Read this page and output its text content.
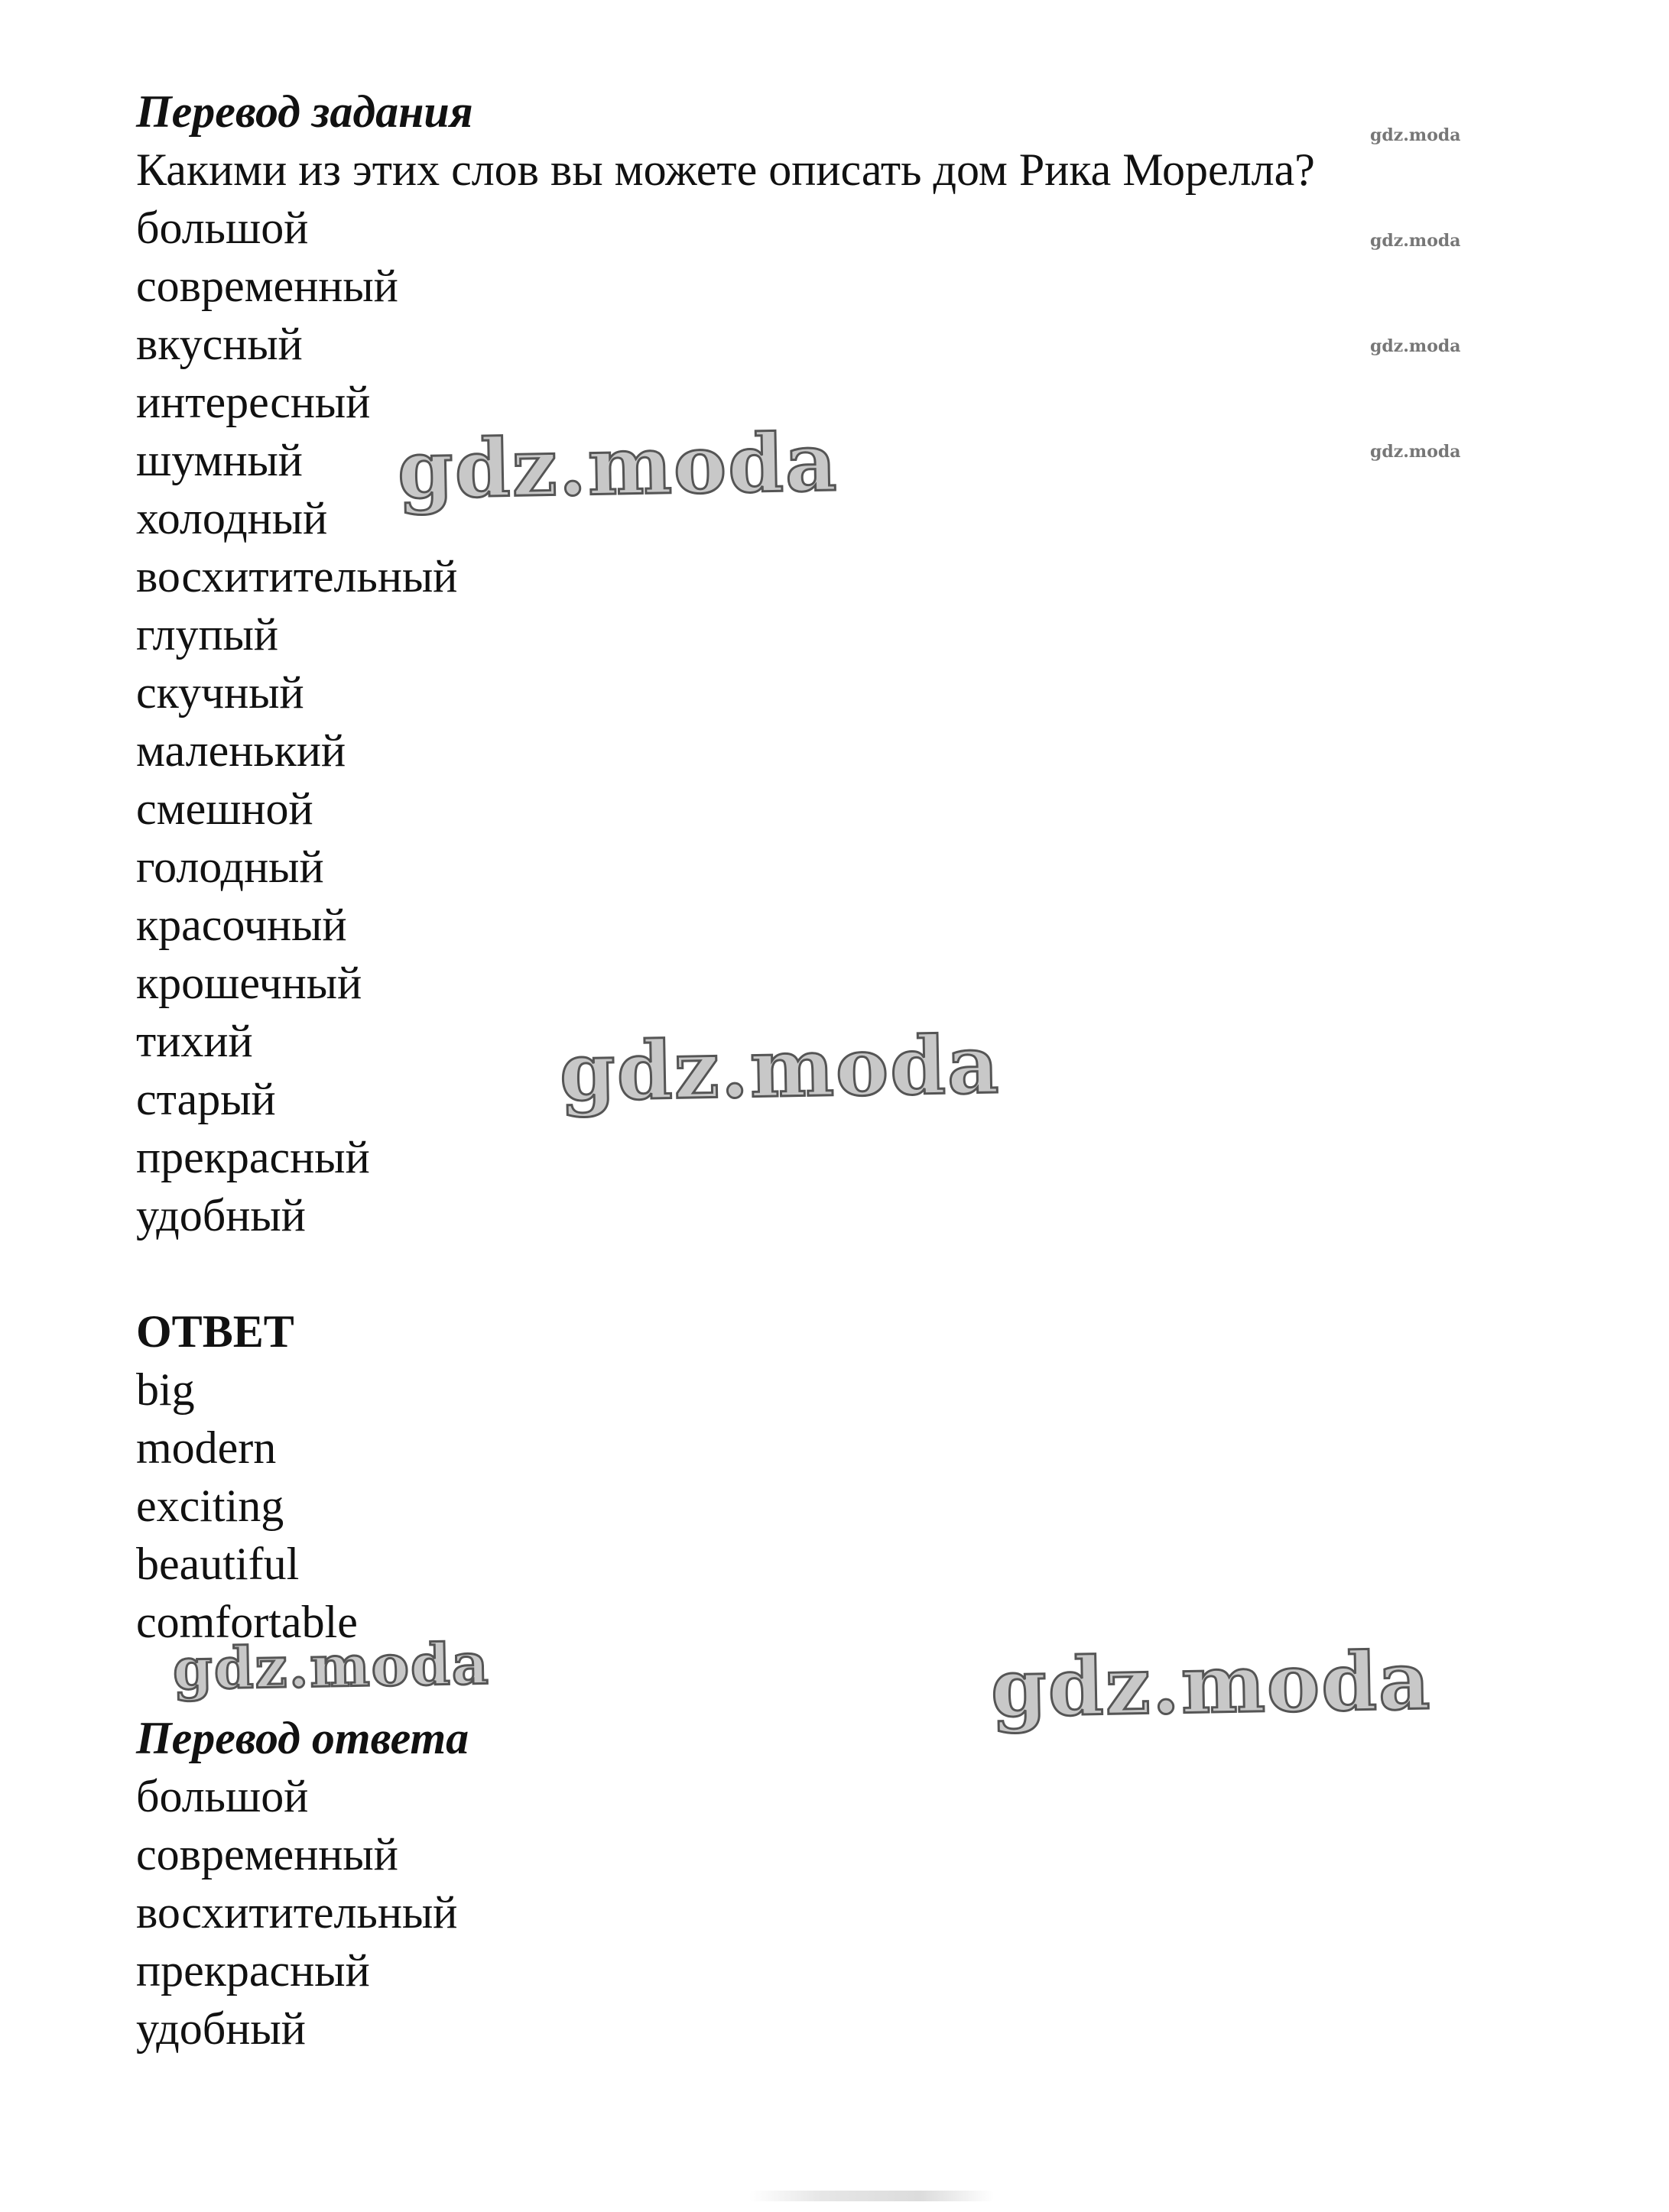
Перевод задания
Какими из этих слов вы можете описать дом Рика Морелла?
большой
современный
вкусный
интересный
шумный
холодный
восхитительный
глупый
скучный
маленький
смешной
голодный
красочный
крошечный
тихий
старый
прекрасный
удобный
ОТВЕТ
big
modern
exciting
beautiful
comfortable
Перевод ответа
большой
современный
восхитительный
прекрасный
удобный
gdz.moda
gdz.moda
gdz.moda
gdz.moda
gdz.moda
gdz.moda
gdz.moda	gdz.moda
